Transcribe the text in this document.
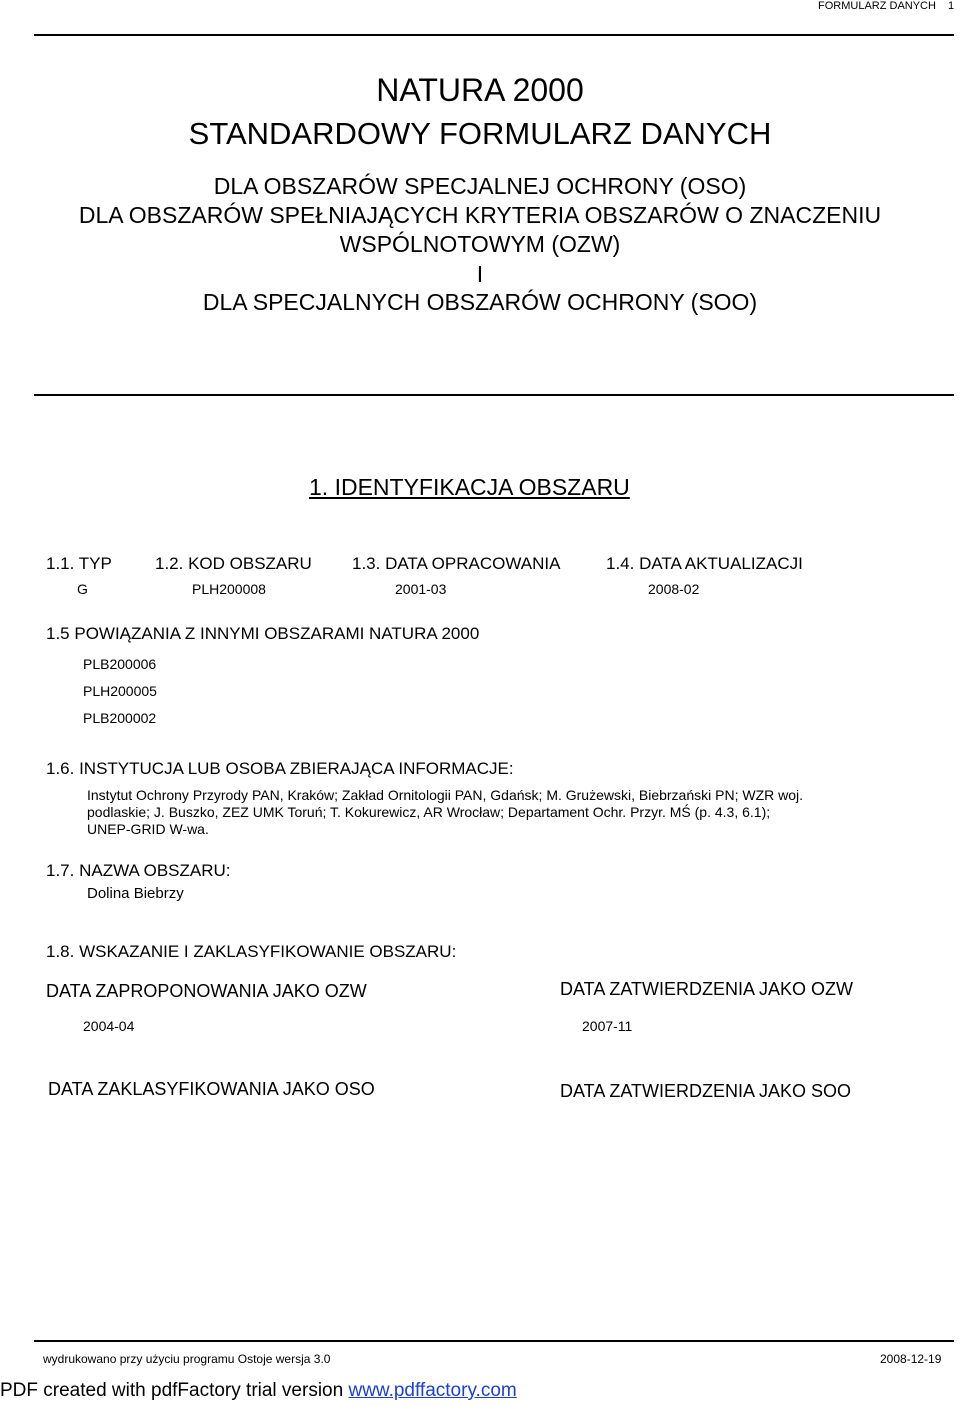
FORMULARZ DANYCH 1
NATURA 2000
STANDARDOWY FORMULARZ DANYCH
DLA OBSZARÓW SPECJALNEJ OCHRONY (OSO)
DLA OBSZARÓW SPEŁNIAJĄCYCH KRYTERIA OBSZARÓW O ZNACZENIU
WSPÓLNOTOWYM (OZW)
I
DLA SPECJALNYCH OBSZARÓW OCHRONY (SOO)
1. IDENTYFIKACJA OBSZARU
1.1. TYP	1.2. KOD OBSZARU 1.3. DATA OPRACOWANIA	1.4. DATA AKTUALIZACJI
G	PLH200008	2001-03	2008-02
1.5 POWIĄZANIA Z INNYMI OBSZARAMI NATURA 2000
PLB200006
PLH200005
PLB200002
1.6. INSTYTUCJA LUB OSOBA ZBIERAJĄCA INFORMACJE:
Instytut Ochrony Przyrody PAN, Kraków; Zakład Ornitologii PAN, Gdańsk; M. Grużewski, Biebrzański PN; WZR woj.
podlaskie; J. Buszko, ZEZ UMK Toruń; T. Kokurewicz, AR Wrocław; Departament Ochr. Przyr. MŚ (p. 4.3, 6.1);
UNEP-GRID W-wa.
1.7. NAZWA OBSZARU:
Dolina Biebrzy
1.8. WSKAZANIE I ZAKLASYFIKOWANIE OBSZARU:
DATA ZAPROPONOWANIA JAKO OZW	DATA ZATWIERDZENIA JAKO OZW
2004-04	2007-11
DATA ZAKLASYFIKOWANIA JAKO OSO	DATA ZATWIERDZENIA JAKO SOO
wydrukowano przy użyciu programu Ostoje wersja 3.0	2008-12-19
PDF created with pdfFactory trial version www.pdffactory.com
